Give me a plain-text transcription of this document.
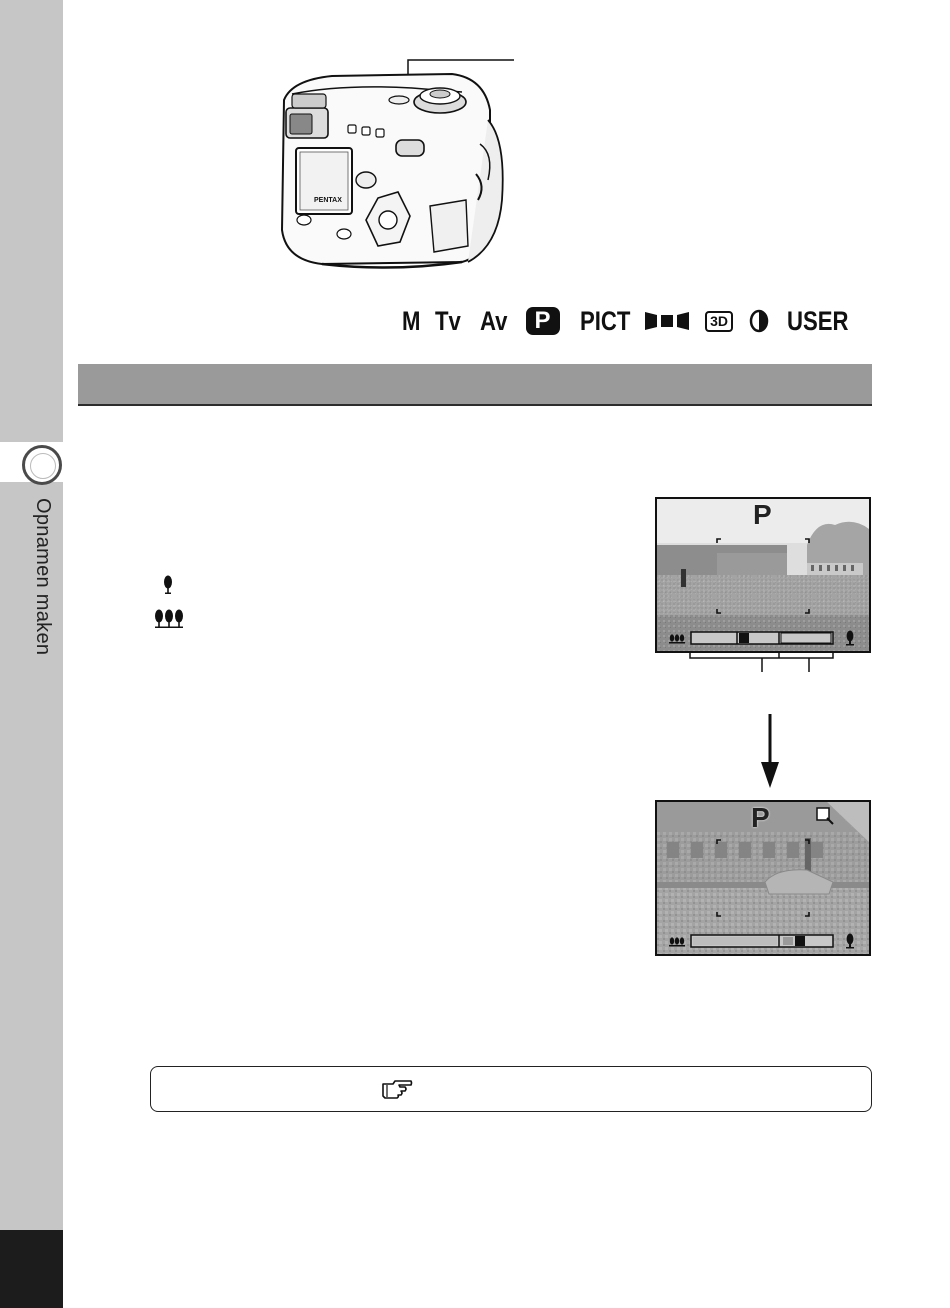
Opnamen maken
PENTAX
M Tv Av	P	PICT	3D USER
P
P
